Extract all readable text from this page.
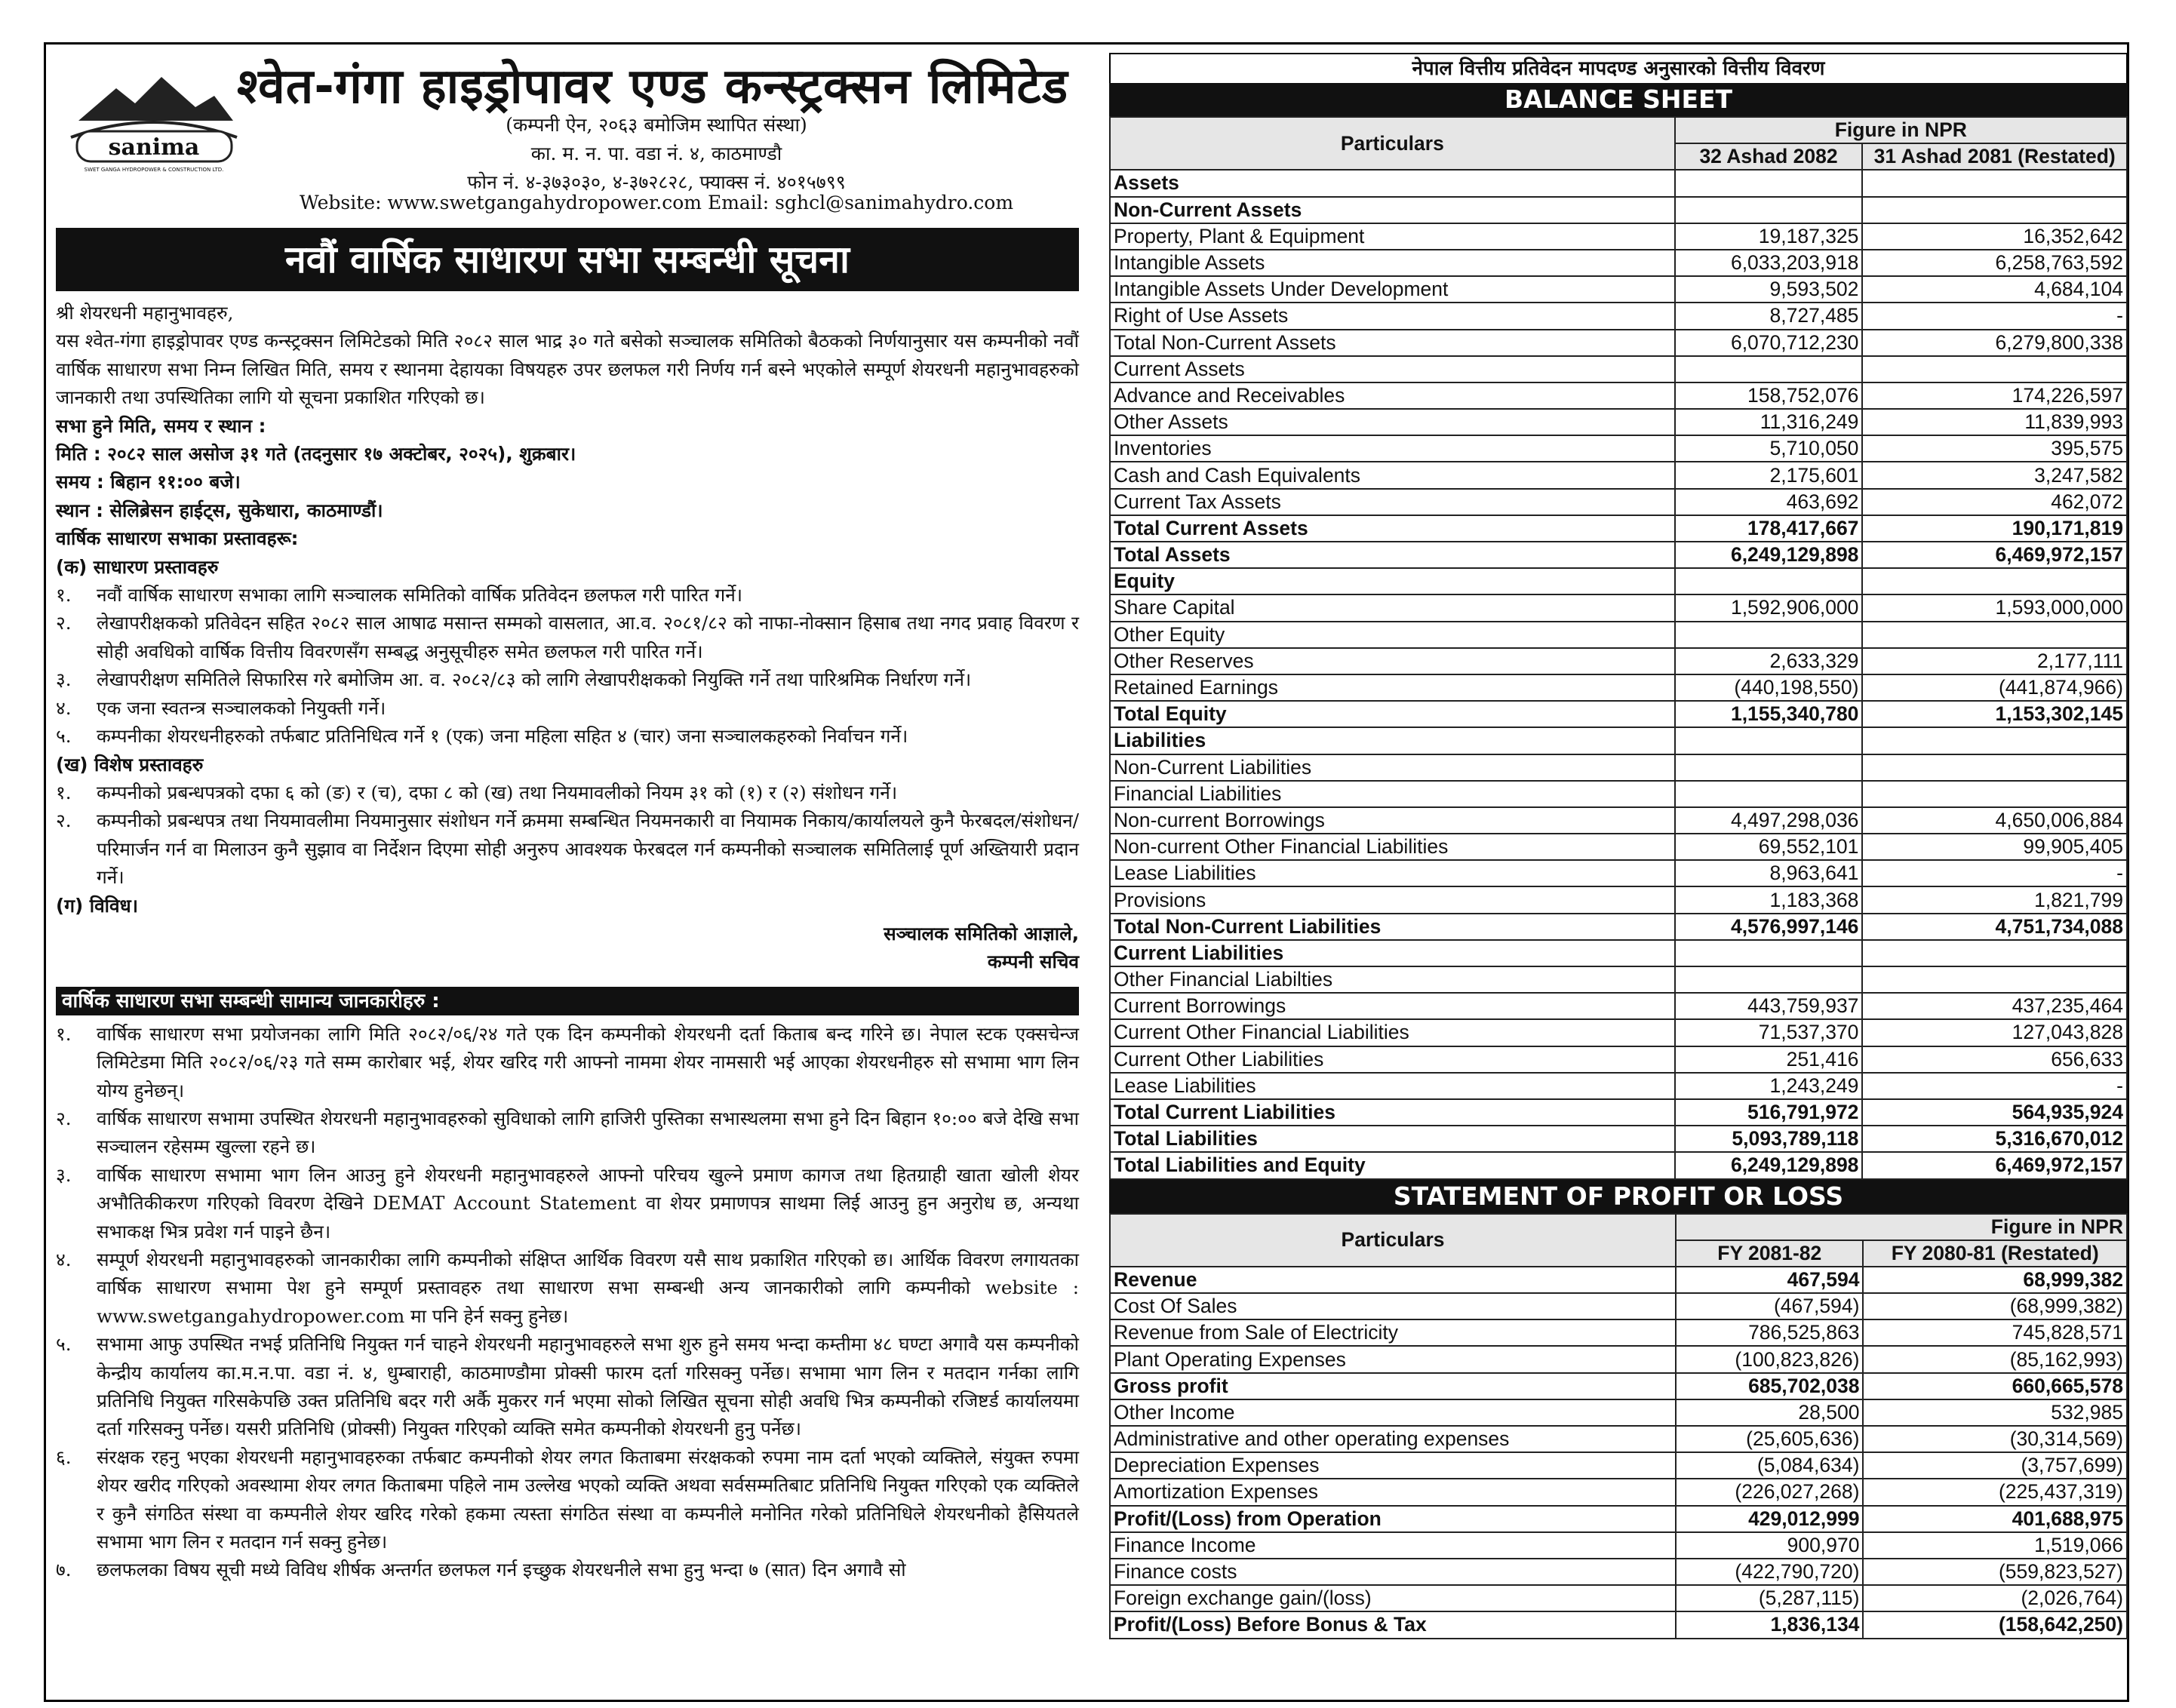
sanima
SWET GANGA HYDROPOWER & CONSTRUCTION LTD.
श्वेत-गंगा हाइड्रोपावर एण्ड कन्स्ट्रक्सन लिमिटेड
(कम्पनी ऐन, २०६३ बमोजिम स्थापित संस्था)
का. म. न. पा. वडा नं. ४, काठमाण्डौ
फोन नं. ४-३७३०३०, ४-३७२८२८, फ्याक्स नं. ४०१५७९९
Website: www.swetgangahydropower.com Email: sghcl@sanimahydro.com
नवौं वार्षिक साधारण सभा सम्बन्धी सूचना

श्री शेयरधनी महानुभावहरु,

यस श्वेत-गंगा हाइड्रोपावर एण्ड कन्स्ट्रक्सन लिमिटेडको मिति २०८२ साल भाद्र ३० गते बसेको सञ्चालक समितिको बैठकको निर्णयानुसार यस कम्पनीको नवौं वार्षिक साधारण सभा निम्न लिखित मिति, समय र स्थानमा देहायका विषयहरु उपर छलफल गरी निर्णय गर्न बस्ने भएकोले सम्पूर्ण शेयरधनी महानुभावहरुको जानकारी तथा उपस्थितिका लागि यो सूचना प्रकाशित गरिएको छ।

सभा हुने मिति, समय र स्थान :

मिति : २०८२ साल असोज ३१ गते (तदनुसार १७ अक्टोबर, २०२५), शुक्रबार।

समय : बिहान ११:०० बजे।

स्थान : सेलिब्रेसन हाईट्स, सुकेधारा, काठमाण्डौं।

वार्षिक साधारण सभाका प्रस्तावहरू:

(क) साधारण प्रस्तावहरु

१.	नवौं वार्षिक साधारण सभाका लागि सञ्चालक समितिको वार्षिक प्रतिवेदन छलफल गरी पारित गर्ने।
२.	लेखापरीक्षकको प्रतिवेदन सहित २०८२ साल आषाढ मसान्त सम्मको वासलात, आ.व. २०८१/८२ को नाफा-नोक्सान हिसाब तथा नगद प्रवाह विवरण र सोही अवधिको वार्षिक वित्तीय विवरणसँग सम्बद्ध अनुसूचीहरु समेत छलफल गरी पारित गर्ने।
३.	लेखापरीक्षण समितिले सिफारिस गरे बमोजिम आ. व. २०८२/८३ को लागि लेखापरीक्षकको नियुक्ति गर्ने तथा पारिश्रमिक निर्धारण गर्ने।
४.	एक जना स्वतन्त्र सञ्चालकको नियुक्ती गर्ने।
५.	कम्पनीका शेयरधनीहरुको तर्फबाट प्रतिनिधित्व गर्ने १ (एक) जना महिला सहित ४ (चार) जना सञ्चालकहरुको निर्वाचन गर्ने।

(ख) विशेष प्रस्तावहरु

१.	कम्पनीको प्रबन्धपत्रको दफा ६ को (ङ) र (च), दफा ८ को (ख) तथा नियमावलीको नियम ३१ को (१) र (२) संशोधन गर्ने।
२.	कम्पनीको प्रबन्धपत्र तथा नियमावलीमा नियमानुसार संशोधन गर्ने क्रममा सम्बन्धित नियमनकारी वा नियामक निकाय/कार्यालयले कुनै फेरबदल/संशोधन/परिमार्जन गर्न वा मिलाउन कुनै सुझाव वा निर्देशन दिएमा सोही अनुरुप आवश्यक फेरबदल गर्न कम्पनीको सञ्चालक समितिलाई पूर्ण अख्तियारी प्रदान गर्ने।

(ग) विविध।

सञ्चालक समितिको आज्ञाले,
कम्पनी सचिव
वार्षिक साधारण सभा सम्बन्धी सामान्य जानकारीहरु :
१.	वार्षिक साधारण सभा प्रयोजनका लागि मिति २०८२/०६/२४ गते एक दिन कम्पनीको शेयरधनी दर्ता किताब बन्द गरिने छ। नेपाल स्टक एक्सचेन्ज लिमिटेडमा मिति २०८२/०६/२३ गते सम्म कारोबार भई, शेयर खरिद गरी आफ्नो नाममा शेयर नामसारी भई आएका शेयरधनीहरु सो सभामा भाग लिन योग्य हुनेछन्।
२.	वार्षिक साधारण सभामा उपस्थित शेयरधनी महानुभावहरुको सुविधाको लागि हाजिरी पुस्तिका सभास्थलमा सभा हुने दिन बिहान १०:०० बजे देखि सभा सञ्चालन रहेसम्म खुल्ला रहने छ।
३.	वार्षिक साधारण सभामा भाग लिन आउनु हुने शेयरधनी महानुभावहरुले आफ्नो परिचय खुल्ने प्रमाण कागज तथा हितग्राही खाता खोली शेयर अभौतिकीकरण गरिएको विवरण देखिने DEMAT Account Statement वा शेयर प्रमाणपत्र साथमा लिई आउनु हुन अनुरोध छ, अन्यथा सभाकक्ष भित्र प्रवेश गर्न पाइने छैन।
४.	सम्पूर्ण शेयरधनी महानुभावहरुको जानकारीका लागि कम्पनीको संक्षिप्त आर्थिक विवरण यसै साथ प्रकाशित गरिएको छ। आर्थिक विवरण लगायतका वार्षिक साधारण सभामा पेश हुने सम्पूर्ण प्रस्तावहरु तथा साधारण सभा सम्बन्धी अन्य जानकारीको लागि कम्पनीको website : www.swetgangahydropower.com मा पनि हेर्न सक्नु हुनेछ।
५.	सभामा आफु उपस्थित नभई प्रतिनिधि नियुक्त गर्न चाहने शेयरधनी महानुभावहरुले सभा शुरु हुने समय भन्दा कम्तीमा ४८ घण्टा अगावै यस कम्पनीको केन्द्रीय कार्यालय का.म.न.पा. वडा नं. ४, धुम्बाराही, काठमाण्डौमा प्रोक्सी फारम दर्ता गरिसक्नु पर्नेछ। सभामा भाग लिन र मतदान गर्नका लागि प्रतिनिधि नियुक्त गरिसकेपछि उक्त प्रतिनिधि बदर गरी अर्कै मुकरर गर्न भएमा सोको लिखित सूचना सोही अवधि भित्र कम्पनीको रजिष्टर्ड कार्यालयमा दर्ता गरिसक्नु पर्नेछ। यसरी प्रतिनिधि (प्रोक्सी) नियुक्त गरिएको व्यक्ति समेत कम्पनीको शेयरधनी हुनु पर्नेछ।
६.	संरक्षक रहनु भएका शेयरधनी महानुभावहरुका तर्फबाट कम्पनीको शेयर लगत किताबमा संरक्षकको रुपमा नाम दर्ता भएको व्यक्तिले, संयुक्त रुपमा शेयर खरीद गरिएको अवस्थामा शेयर लगत किताबमा पहिले नाम उल्लेख भएको व्यक्ति अथवा सर्वसम्मतिबाट प्रतिनिधि नियुक्त गरिएको एक व्यक्तिले र कुनै संगठित संस्था वा कम्पनीले शेयर खरिद गरेको हकमा त्यस्ता संगठित संस्था वा कम्पनीले मनोनित गरेको प्रतिनिधिले शेयरधनीको हैसियतले सभामा भाग लिन र मतदान गर्न सक्नु हुनेछ।
७.	छलफलका विषय सूची मध्ये विविध शीर्षक अन्तर्गत छलफल गर्न इच्छुक शेयरधनीले सभा हुनु भन्दा ७ (सात) दिन अगावै सो
नेपाल वित्तीय प्रतिवेदन मापदण्ड अनुसारको वित्तीय विवरण
BALANCE SHEET
Particulars	Figure in NPR	
	32 Ashad 2082	31 Ashad 2081 (Restated)
Assets		
Non-Current Assets		
Property, Plant & Equipment	19,187,325	16,352,642
Intangible Assets	6,033,203,918	6,258,763,592
Intangible Assets Under Development	9,593,502	4,684,104
Right of Use Assets	8,727,485	-
Total Non-Current Assets	6,070,712,230	6,279,800,338
Current Assets		
Advance and Receivables	158,752,076	174,226,597
Other Assets	11,316,249	11,839,993
Inventories	5,710,050	395,575
Cash and Cash Equivalents	2,175,601	3,247,582
Current Tax Assets	463,692	462,072
Total Current Assets	178,417,667	190,171,819
Total Assets	6,249,129,898	6,469,972,157
Equity		
Share Capital	1,592,906,000	1,593,000,000
Other Equity		
Other Reserves	2,633,329	2,177,111
Retained Earnings	(440,198,550)	(441,874,966)
Total Equity	1,155,340,780	1,153,302,145
Liabilities		
Non-Current Liabilities		
Financial Liabilities		
Non-current Borrowings	4,497,298,036	4,650,006,884
Non-current Other Financial Liabilities	69,552,101	99,905,405
Lease Liabilities	8,963,641	-
Provisions	1,183,368	1,821,799
Total Non-Current Liabilities	4,576,997,146	4,751,734,088
Current Liabilities		
Other Financial Liabilties		
Current Borrowings	443,759,937	437,235,464
Current Other Financial Liabilities	71,537,370	127,043,828
Current Other Liabilities	251,416	656,633
Lease Liabilities	1,243,249	-
Total Current Liabilities	516,791,972	564,935,924
Total Liabilities	5,093,789,118	5,316,670,012
Total Liabilities and Equity	6,249,129,898	6,469,972,157
STATEMENT OF PROFIT OR LOSS
Particulars	Figure in NPR	
	FY 2081-82	FY 2080-81 (Restated)
Revenue	467,594	68,999,382
Cost Of Sales	(467,594)	(68,999,382)
Revenue from Sale of Electricity	786,525,863	745,828,571
Plant Operating Expenses	(100,823,826)	(85,162,993)
Gross profit	685,702,038	660,665,578
Other Income	28,500	532,985
Administrative and other operating expenses	(25,605,636)	(30,314,569)
Depreciation Expenses	(5,084,634)	(3,757,699)
Amortization Expenses	(226,027,268)	(225,437,319)
Profit/(Loss) from Operation	429,012,999	401,688,975
Finance Income	900,970	1,519,066
Finance costs	(422,790,720)	(559,823,527)
Foreign exchange gain/(loss)	(5,287,115)	(2,026,764)
Profit/(Loss) Before Bonus & Tax	1,836,134	(158,642,250)
